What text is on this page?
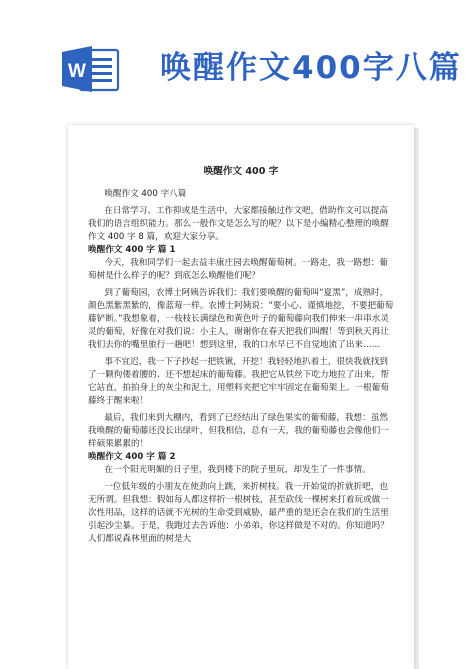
W 唤醒作文400字八篇
唤醒作文 400 字

唤醒作文 400 字八篇

在日常学习、工作抑或是生活中，大家都接触过作文吧，借助作文可以提高我们的语言组织能力。那么一般作文是怎么写的呢？以下是小编精心整理的唤醒作文 400 字 8 篇，欢迎大家分享。

唤醒作文 400 字 篇 1

今天，我和同学们一起去益丰康庄园去唤醒葡萄树。一路走，我一路想：葡萄树是什么样子的呢？到底怎么唤醒他们呢？

到了葡萄园，农博士阿姨告诉我们：我们要唤醒的葡萄叫“夏黑”，成熟时，颜色黑紫黑紫的，像蓝莓一样。农博士阿姨说：“要小心、谨慎地挖，不要把葡萄藤铲断。”我想象着，一枝枝长满绿色和黄色叶子的葡萄藤向我们伸来一串串水灵灵的葡萄，好像在对我们说：小主人，谢谢你在春天把我们叫醒！等到秋天再让我们去你的嘴里旅行一趟吧！想到这里，我的口水早已不自觉地流了出来……

事不宜迟，我一下子抄起一把铁锹，开挖！我轻轻地扒着土，很快我就找到了一颗佝偻着腰的、还不想起床的葡萄藤。我把它从铁丝下吃力地拉了出来，帮它站直，拍拍身上的灰尘和泥土，用塑料夹把它牢牢固定在葡萄架上。一根葡萄藤终于醒来啦！

最后，我们来到大棚内，看到了已经结出了绿色果实的葡萄藤，我想：虽然我唤醒的葡萄藤还没长出绿叶，但我相信，总有一天，我的葡萄藤也会像他们一样硕果累累的！

唤醒作文 400 字 篇 2

在一个阳光明媚的日子里，我到楼下的院子里玩，却发生了一件事情。

一位低年级的小朋友在使劲向上跳，来折树枝。我一开始觉的折就折吧，也无所谓。但我想：假如每人都这样折一根树枝，甚至砍伐一棵树来打着玩或做一次性用品，这样的话就不光树的生命受到威胁，最严重的是还会在我们的生活里引起沙尘暴。于是，我跑过去告诉他：小弟弟，你这样做是不对的。你知道吗？人们都说森林里面的树是大
